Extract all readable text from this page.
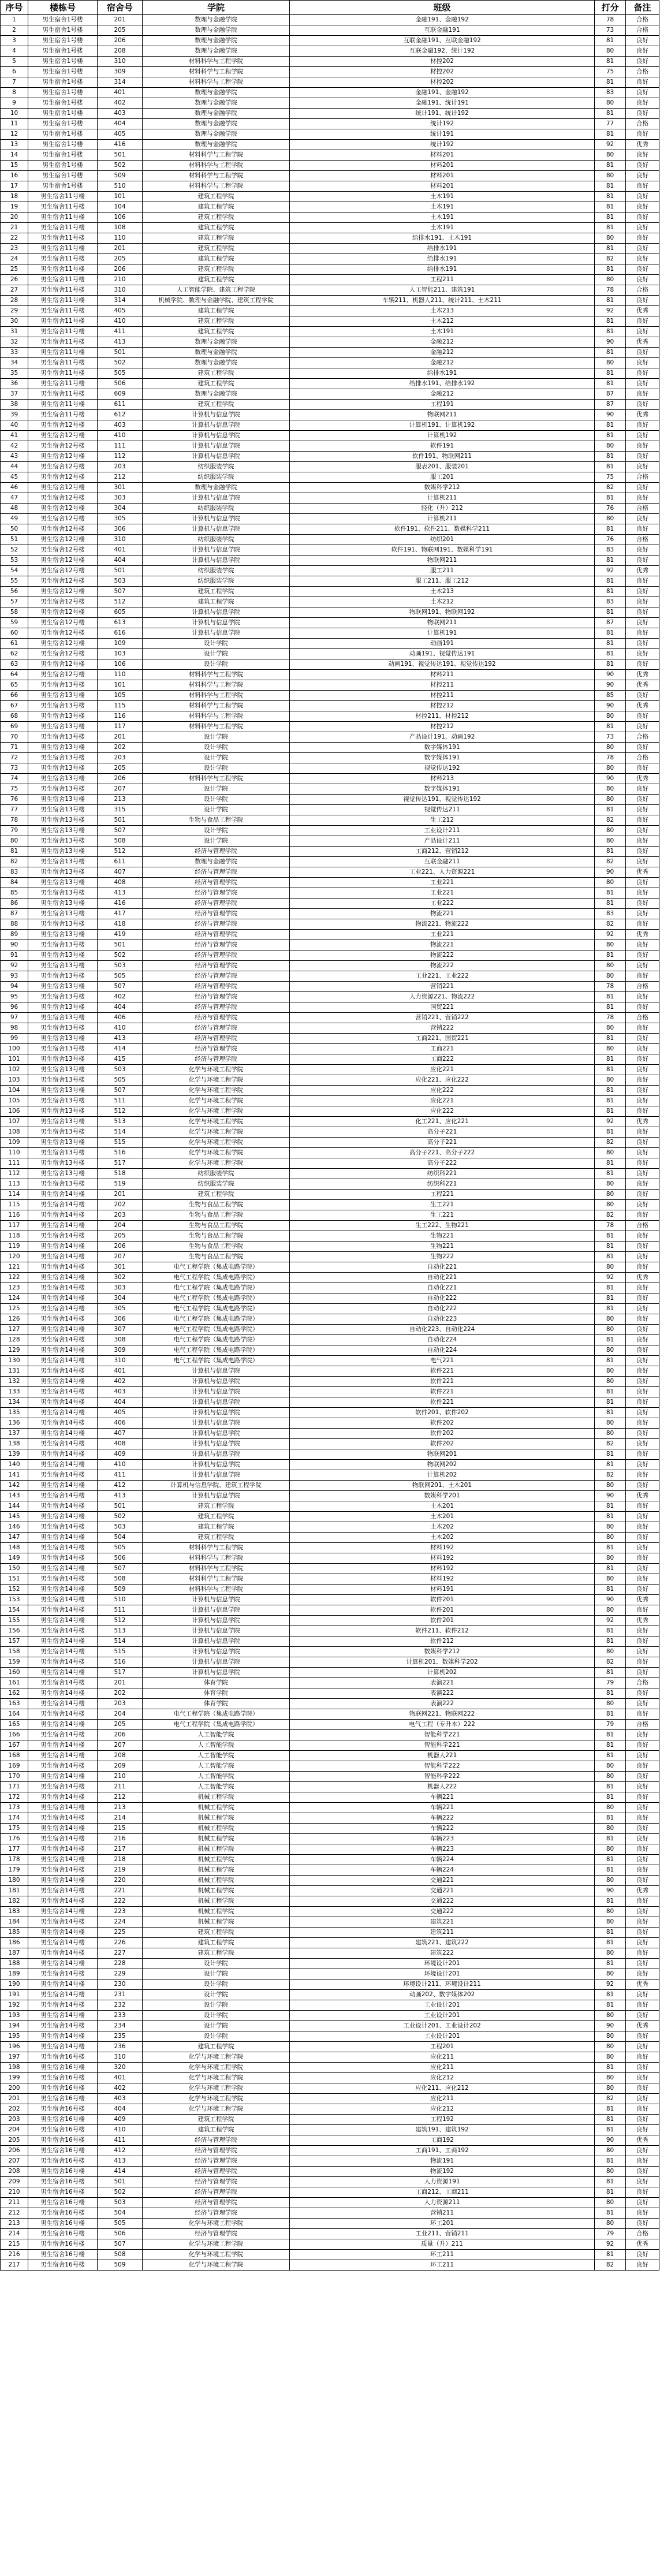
序号	楼栋号	宿舍号	学院	班级	打分	备注
1	男生宿舍1号楼	201	数理与金融学院	金融191、金融192	78	合格
2	男生宿舍1号楼	205	数理与金融学院	互联金融191	73	合格
3	男生宿舍1号楼	206	数理与金融学院	互联金融191、互联金融192	81	良好
4	男生宿舍1号楼	208	数理与金融学院	互联金融192、统计192	80	良好
5	男生宿舍1号楼	310	材料科学与工程学院	材控202	81	良好
6	男生宿舍1号楼	309	材料科学与工程学院	材控202	75	合格
7	男生宿舍1号楼	314	材料科学与工程学院	材控202	81	良好
8	男生宿舍1号楼	401	数理与金融学院	金融191、金融192	83	良好
9	男生宿舍1号楼	402	数理与金融学院	金融191、统计191	80	良好
10	男生宿舍1号楼	403	数理与金融学院	统计191、统计192	81	良好
11	男生宿舍1号楼	404	数理与金融学院	统计192	77	合格
12	男生宿舍1号楼	405	数理与金融学院	统计191	81	良好
13	男生宿舍1号楼	416	数理与金融学院	统计192	92	优秀
14	男生宿舍1号楼	501	材料科学与工程学院	材料201	80	良好
15	男生宿舍1号楼	502	材料科学与工程学院	材料201	81	良好
16	男生宿舍1号楼	509	材料科学与工程学院	材料201	80	良好
17	男生宿舍1号楼	510	材料科学与工程学院	材料201	81	良好
18	男生宿舍11号楼	101	建筑工程学院	土木191	81	良好
19	男生宿舍11号楼	104	建筑工程学院	土木191	81	良好
20	男生宿舍11号楼	106	建筑工程学院	土木191	81	良好
21	男生宿舍11号楼	108	建筑工程学院	土木191	81	良好
22	男生宿舍11号楼	110	建筑工程学院	给排水191、土木191	80	良好
23	男生宿舍11号楼	201	建筑工程学院	给排水191	81	良好
24	男生宿舍11号楼	205	建筑工程学院	给排水191	82	良好
25	男生宿舍11号楼	206	建筑工程学院	给排水191	81	良好
26	男生宿舍11号楼	210	建筑工程学院	工程211	80	良好
27	男生宿舍11号楼	310	人工智能学院、建筑工程学院	人工智能211、建筑191	78	合格
28	男生宿舍11号楼	314	机械学院、数理与金融学院、建筑工程学院	车辆211、机器人211、统计211、土木211	81	良好
29	男生宿舍11号楼	405	建筑工程学院	土木213	92	优秀
30	男生宿舍11号楼	410	建筑工程学院	土木212	81	良好
31	男生宿舍11号楼	411	建筑工程学院	土木191	81	良好
32	男生宿舍11号楼	413	数理与金融学院	金融212	90	优秀
33	男生宿舍11号楼	501	数理与金融学院	金融212	81	良好
34	男生宿舍11号楼	502	数理与金融学院	金融212	80	良好
35	男生宿舍11号楼	505	建筑工程学院	给排水191	81	良好
36	男生宿舍11号楼	506	建筑工程学院	给排水191、给排水192	81	良好
37	男生宿舍11号楼	609	数理与金融学院	金融212	87	良好
38	男生宿舍11号楼	611	建筑工程学院	工程191	87	良好
39	男生宿舍11号楼	612	计算机与信息学院	物联网211	90	优秀
40	男生宿舍12号楼	403	计算机与信息学院	计算机191、计算机192	81	良好
41	男生宿舍12号楼	410	计算机与信息学院	计算机192	81	良好
42	男生宿舍12号楼	111	计算机与信息学院	软件191	80	良好
43	男生宿舍12号楼	112	计算机与信息学院	软件191、物联网211	81	良好
44	男生宿舍12号楼	203	纺织服装学院	服表201、服装201	81	良好
45	男生宿舍12号楼	212	纺织服装学院	服工201	75	合格
46	男生宿舍12号楼	301	数理与金融学院	数媒科学212	82	良好
47	男生宿舍12号楼	303	计算机与信息学院	计算机211	81	良好
48	男生宿舍12号楼	304	纺织服装学院	轻化（升）212	76	合格
49	男生宿舍12号楼	305	计算机与信息学院	计算机211	80	良好
50	男生宿舍12号楼	306	计算机与信息学院	软件191、软件211、数媒科学211	81	良好
51	男生宿舍12号楼	310	纺织服装学院	纺织201	76	合格
52	男生宿舍12号楼	401	计算机与信息学院	软件191、物联网191、数媒科学191	83	良好
53	男生宿舍12号楼	404	计算机与信息学院	物联网211	81	良好
54	男生宿舍12号楼	501	纺织服装学院	服工211	92	优秀
55	男生宿舍12号楼	503	纺织服装学院	服工211、服工212	81	良好
56	男生宿舍12号楼	507	建筑工程学院	土木213	81	良好
57	男生宿舍12号楼	512	建筑工程学院	土木212	83	良好
58	男生宿舍12号楼	605	计算机与信息学院	物联网191、物联网192	81	良好
59	男生宿舍12号楼	613	计算机与信息学院	物联网211	87	良好
60	男生宿舍12号楼	616	计算机与信息学院	计算机191	81	良好
61	男生宿舍12号楼	109	设计学院	动画191	81	良好
62	男生宿舍12号楼	103	设计学院	动画191、视觉传达191	81	良好
63	男生宿舍12号楼	106	设计学院	动画191、视觉传达191、视觉传达192	81	良好
64	男生宿舍12号楼	110	材料科学与工程学院	材料211	90	优秀
65	男生宿舍13号楼	101	材料科学与工程学院	材控211	90	优秀
66	男生宿舍13号楼	105	材料科学与工程学院	材控211	85	良好
67	男生宿舍13号楼	115	材料科学与工程学院	材控212	90	优秀
68	男生宿舍13号楼	116	材料科学与工程学院	材控211、材控212	80	良好
69	男生宿舍13号楼	117	材料科学与工程学院	材控212	81	良好
70	男生宿舍13号楼	201	设计学院	产品设计191、动画192	73	合格
71	男生宿舍13号楼	202	设计学院	数字媒体191	80	良好
72	男生宿舍13号楼	203	设计学院	数字媒体191	78	合格
73	男生宿舍13号楼	205	设计学院	视觉传达192	80	良好
74	男生宿舍13号楼	206	材料科学与工程学院	材料213	90	优秀
75	男生宿舍13号楼	207	设计学院	数字媒体191	80	良好
76	男生宿舍13号楼	213	设计学院	视觉传达191、视觉传达192	80	良好
77	男生宿舍13号楼	315	设计学院	视觉传达211	81	良好
78	男生宿舍13号楼	501	生物与食品工程学院	生工212	82	良好
79	男生宿舍13号楼	507	设计学院	工业设计211	80	良好
80	男生宿舍13号楼	508	设计学院	产品设计211	80	良好
81	男生宿舍13号楼	512	经济与管理学院	工商212、营销212	81	良好
82	男生宿舍13号楼	611	数理与金融学院	互联金融211	82	良好
83	男生宿舍13号楼	407	经济与管理学院	工业221、人力资源221	90	优秀
84	男生宿舍13号楼	408	经济与管理学院	工业221	80	良好
85	男生宿舍13号楼	413	经济与管理学院	工业221	81	良好
86	男生宿舍13号楼	416	经济与管理学院	工业222	81	良好
87	男生宿舍13号楼	417	经济与管理学院	物流221	83	良好
88	男生宿舍13号楼	418	经济与管理学院	物流221、物流222	82	良好
89	男生宿舍13号楼	419	经济与管理学院	工业221	92	优秀
90	男生宿舍13号楼	501	经济与管理学院	物流221	80	良好
91	男生宿舍13号楼	502	经济与管理学院	物流222	81	良好
92	男生宿舍13号楼	503	经济与管理学院	物流222	80	良好
93	男生宿舍13号楼	505	经济与管理学院	工业221、工业222	80	良好
94	男生宿舍13号楼	507	经济与管理学院	营销221	78	合格
95	男生宿舍13号楼	402	经济与管理学院	人力资源221、物流222	81	良好
96	男生宿舍13号楼	404	经济与管理学院	国贸221	81	良好
97	男生宿舍13号楼	406	经济与管理学院	营销221、营销222	78	合格
98	男生宿舍13号楼	410	经济与管理学院	营销222	80	良好
99	男生宿舍13号楼	413	经济与管理学院	工商221、国贸221	81	良好
100	男生宿舍13号楼	414	经济与管理学院	工商221	80	良好
101	男生宿舍13号楼	415	经济与管理学院	工商222	81	良好
102	男生宿舍13号楼	503	化学与环境工程学院	应化221	81	良好
103	男生宿舍13号楼	505	化学与环境工程学院	应化221、应化222	80	良好
104	男生宿舍13号楼	507	化学与环境工程学院	应化222	81	良好
105	男生宿舍13号楼	511	化学与环境工程学院	应化221	81	良好
106	男生宿舍13号楼	512	化学与环境工程学院	应化222	81	良好
107	男生宿舍13号楼	513	化学与环境工程学院	化工221、应化221	92	优秀
108	男生宿舍13号楼	514	化学与环境工程学院	高分子221	81	良好
109	男生宿舍13号楼	515	化学与环境工程学院	高分子221	82	良好
110	男生宿舍13号楼	516	化学与环境工程学院	高分子221、高分子222	80	良好
111	男生宿舍13号楼	517	化学与环境工程学院	高分子222	81	良好
112	男生宿舍13号楼	518	纺织服装学院	纺织科221	81	良好
113	男生宿舍13号楼	519	纺织服装学院	纺织科221	80	良好
114	男生宿舍14号楼	201	建筑工程学院	工程221	80	良好
115	男生宿舍14号楼	202	生物与食品工程学院	生工221	80	良好
116	男生宿舍14号楼	203	生物与食品工程学院	生工221	82	良好
117	男生宿舍14号楼	204	生物与食品工程学院	生工222、生物221	78	合格
118	男生宿舍14号楼	205	生物与食品工程学院	生物221	81	良好
119	男生宿舍14号楼	206	生物与食品工程学院	生物221	81	良好
120	男生宿舍14号楼	207	生物与食品工程学院	生物222	81	良好
121	男生宿舍14号楼	301	电气工程学院（集成电路学院）	自动化221	80	良好
122	男生宿舍14号楼	302	电气工程学院（集成电路学院）	自动化221	92	优秀
123	男生宿舍14号楼	303	电气工程学院（集成电路学院）	自动化221	81	良好
124	男生宿舍14号楼	304	电气工程学院（集成电路学院）	自动化222	81	良好
125	男生宿舍14号楼	305	电气工程学院（集成电路学院）	自动化222	81	良好
126	男生宿舍14号楼	306	电气工程学院（集成电路学院）	自动化223	80	良好
127	男生宿舍14号楼	307	电气工程学院（集成电路学院）	自动化223、自动化224	80	良好
128	男生宿舍14号楼	308	电气工程学院（集成电路学院）	自动化224	81	良好
129	男生宿舍14号楼	309	电气工程学院（集成电路学院）	自动化224	80	良好
130	男生宿舍14号楼	310	电气工程学院（集成电路学院）	电气221	81	良好
131	男生宿舍14号楼	401	计算机与信息学院	软件221	80	良好
132	男生宿舍14号楼	402	计算机与信息学院	软件221	80	良好
133	男生宿舍14号楼	403	计算机与信息学院	软件221	81	良好
134	男生宿舍14号楼	404	计算机与信息学院	软件221	81	良好
135	男生宿舍14号楼	405	计算机与信息学院	软件201、软件202	81	良好
136	男生宿舍14号楼	406	计算机与信息学院	软件202	80	良好
137	男生宿舍14号楼	407	计算机与信息学院	软件202	80	良好
138	男生宿舍14号楼	408	计算机与信息学院	软件202	82	良好
139	男生宿舍14号楼	409	计算机与信息学院	物联网201	81	良好
140	男生宿舍14号楼	410	计算机与信息学院	物联网202	81	良好
141	男生宿舍14号楼	411	计算机与信息学院	计算机202	82	良好
142	男生宿舍14号楼	412	计算机与信息学院、建筑工程学院	物联网201、土木201	80	良好
143	男生宿舍14号楼	413	计算机与信息学院	数媒科学201	90	优秀
144	男生宿舍14号楼	501	建筑工程学院	土木201	81	良好
145	男生宿舍14号楼	502	建筑工程学院	土木201	81	良好
146	男生宿舍14号楼	503	建筑工程学院	土木202	80	良好
147	男生宿舍14号楼	504	建筑工程学院	土木202	80	良好
148	男生宿舍14号楼	505	材料科学与工程学院	材料192	81	良好
149	男生宿舍14号楼	506	材料科学与工程学院	材料192	80	良好
150	男生宿舍14号楼	507	材料科学与工程学院	材料192	81	良好
151	男生宿舍14号楼	508	材料科学与工程学院	材料192	80	良好
152	男生宿舍14号楼	509	材料科学与工程学院	材料191	81	良好
153	男生宿舍14号楼	510	计算机与信息学院	软件201	90	优秀
154	男生宿舍14号楼	511	计算机与信息学院	软件201	80	良好
155	男生宿舍14号楼	512	计算机与信息学院	软件201	92	优秀
156	男生宿舍14号楼	513	计算机与信息学院	软件211、软件212	81	良好
157	男生宿舍14号楼	514	计算机与信息学院	软件212	81	良好
158	男生宿舍14号楼	515	计算机与信息学院	数媒科学212	80	良好
159	男生宿舍14号楼	516	计算机与信息学院	计算机201、数媒科学202	82	良好
160	男生宿舍14号楼	517	计算机与信息学院	计算机202	81	良好
161	男生宿舍14号楼	201	体育学院	表演221	79	合格
162	男生宿舍14号楼	202	体育学院	表演222	81	良好
163	男生宿舍14号楼	203	体育学院	表演222	80	良好
164	男生宿舍14号楼	204	电气工程学院（集成电路学院）	物联网221、物联网222	81	良好
165	男生宿舍14号楼	205	电气工程学院（集成电路学院）	电气工程（专升本）222	79	合格
166	男生宿舍14号楼	206	人工智能学院	智能科学221	81	良好
167	男生宿舍14号楼	207	人工智能学院	智能科学221	81	良好
168	男生宿舍14号楼	208	人工智能学院	机器人221	81	良好
169	男生宿舍14号楼	209	人工智能学院	智能科学222	80	良好
170	男生宿舍14号楼	210	人工智能学院	智能科学222	80	良好
171	男生宿舍14号楼	211	人工智能学院	机器人222	81	良好
172	男生宿舍14号楼	212	机械工程学院	车辆221	81	良好
173	男生宿舍14号楼	213	机械工程学院	车辆221	80	良好
174	男生宿舍14号楼	214	机械工程学院	车辆222	81	良好
175	男生宿舍14号楼	215	机械工程学院	车辆222	80	良好
176	男生宿舍14号楼	216	机械工程学院	车辆223	81	良好
177	男生宿舍14号楼	217	机械工程学院	车辆223	80	良好
178	男生宿舍14号楼	218	机械工程学院	车辆224	81	良好
179	男生宿舍14号楼	219	机械工程学院	车辆224	81	良好
180	男生宿舍14号楼	220	机械工程学院	交通221	80	良好
181	男生宿舍14号楼	221	机械工程学院	交通221	90	优秀
182	男生宿舍14号楼	222	机械工程学院	交通222	81	良好
183	男生宿舍14号楼	223	机械工程学院	交通222	80	良好
184	男生宿舍14号楼	224	机械工程学院	建筑221	80	良好
185	男生宿舍14号楼	225	建筑工程学院	建筑211	81	良好
186	男生宿舍14号楼	226	建筑工程学院	建筑221、建筑222	81	良好
187	男生宿舍14号楼	227	建筑工程学院	建筑222	80	良好
188	男生宿舍14号楼	228	设计学院	环境设计201	81	良好
189	男生宿舍14号楼	229	设计学院	环境设计201	80	良好
190	男生宿舍14号楼	230	设计学院	环境设计211、环境设计211	92	优秀
191	男生宿舍14号楼	231	设计学院	动画202、数字媒体202	81	良好
192	男生宿舍14号楼	232	设计学院	工业设计201	81	良好
193	男生宿舍14号楼	233	设计学院	工业设计201	80	良好
194	男生宿舍14号楼	234	设计学院	工业设计201、工业设计202	90	优秀
195	男生宿舍14号楼	235	设计学院	工业设计201	80	良好
196	男生宿舍14号楼	236	建筑工程学院	工程201	80	良好
197	男生宿舍16号楼	310	化学与环境工程学院	应化211	80	良好
198	男生宿舍16号楼	320	化学与环境工程学院	应化211	81	良好
199	男生宿舍16号楼	401	化学与环境工程学院	应化212	80	良好
200	男生宿舍16号楼	402	化学与环境工程学院	应化211、应化212	80	良好
201	男生宿舍16号楼	403	化学与环境工程学院	应化211	82	良好
202	男生宿舍16号楼	404	化学与环境工程学院	应化212	81	良好
203	男生宿舍16号楼	409	建筑工程学院	工程192	81	良好
204	男生宿舍16号楼	410	建筑工程学院	建筑191、建筑192	81	良好
205	男生宿舍16号楼	411	经济与管理学院	工商192	90	优秀
206	男生宿舍16号楼	412	经济与管理学院	工商191、工商192	80	良好
207	男生宿舍16号楼	413	经济与管理学院	物流191	81	良好
208	男生宿舍16号楼	414	经济与管理学院	物流192	80	良好
209	男生宿舍16号楼	501	经济与管理学院	人力资源191	81	良好
210	男生宿舍16号楼	502	经济与管理学院	工商212、工商211	81	良好
211	男生宿舍16号楼	503	经济与管理学院	人力资源211	80	良好
212	男生宿舍16号楼	504	经济与管理学院	营销211	81	良好
213	男生宿舍16号楼	505	化学与环境工程学院	环工201	80	良好
214	男生宿舍16号楼	506	经济与管理学院	工业211、营销211	79	合格
215	男生宿舍16号楼	507	化学与环境工程学院	质量（升）211	92	优秀
216	男生宿舍16号楼	508	化学与环境工程学院	环工211	81	良好
217	男生宿舍16号楼	509	化学与环境工程学院	环工211	82	良好
